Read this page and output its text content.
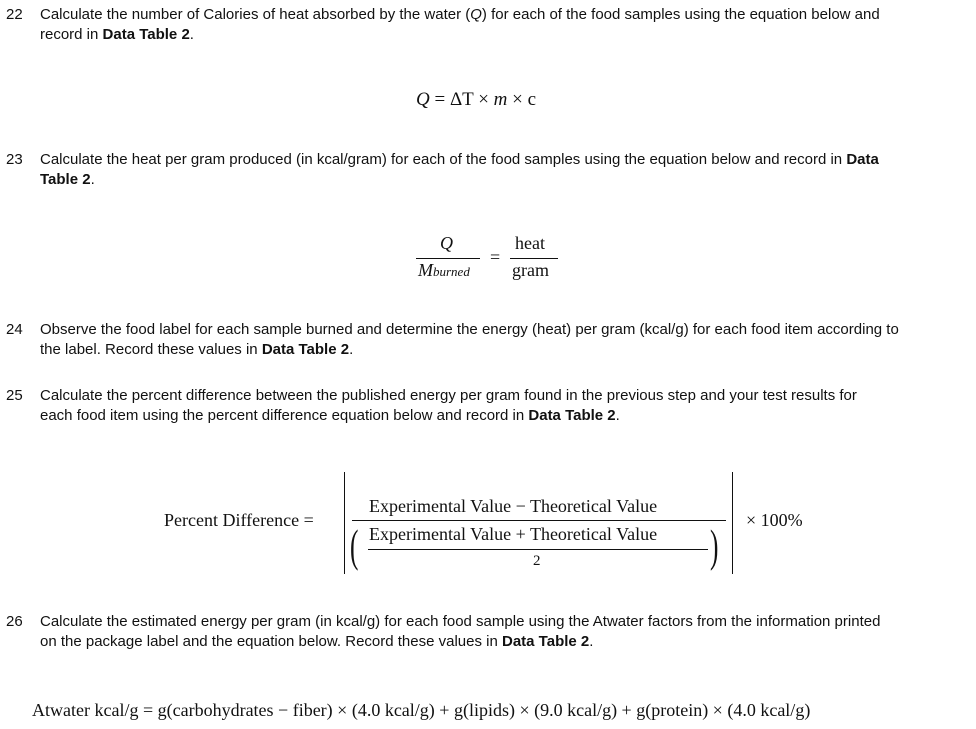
22 Calculate the number of Calories of heat absorbed by the water (Q) for each of the food samples using the equation below and
record in Data Table 2.
Q = ΔT × m × c
23 Calculate the heat per gram produced (in kcal/gram) for each of the food samples using the equation below and record in Data
Table 2.
Q
Mburned
=
heat
gram
24 Observe the food label for each sample burned and determine the energy (heat) per gram (kcal/g) for each food item according to
the label. Record these values in Data Table 2.
25 Calculate the percent difference between the published energy per gram found in the previous step and your test results for
each food item using the percent difference equation below and record in Data Table 2.
Percent Difference =
Experimental Value − Theoretical Value
( Experimental Value + Theoretical Value
2	) × 100%
26 Calculate the estimated energy per gram (in kcal/g) for each food sample using the Atwater factors from the information printed
on the package label and the equation below. Record these values in Data Table 2.
Atwater kcal/g = g(carbohydrates − fiber) × (4.0 kcal/g) + g(lipids) × (9.0 kcal/g) + g(protein) × (4.0 kcal/g)
